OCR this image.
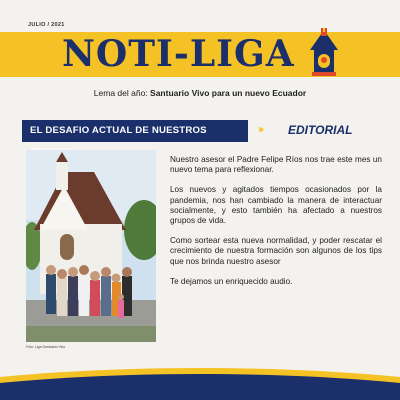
JULIO / 2021
NOTI-LIGA
Lema del año: Santuario Vivo para un nuevo Ecuador
EL DESAFIO ACTUAL DE NUESTROS	››› EDITORIAL
Foto: Liga Santuario Vivo

Nuestro asesor el Padre Felipe Ríos nos trae este mes un nuevo tema para reflexionar.

Los nuevos y agitados tiempos ocasionados por la pandemia, nos han cambiado la manera de interactuar socialmente, y esto también ha afectado a nuestros grupos de vida.

Como sortear esta nueva normalidad, y poder rescatar el crecimiento de nuestra formación son algunos de los tips que nos brinda nuestro asesor

Te dejamos un enriquecido audio.
